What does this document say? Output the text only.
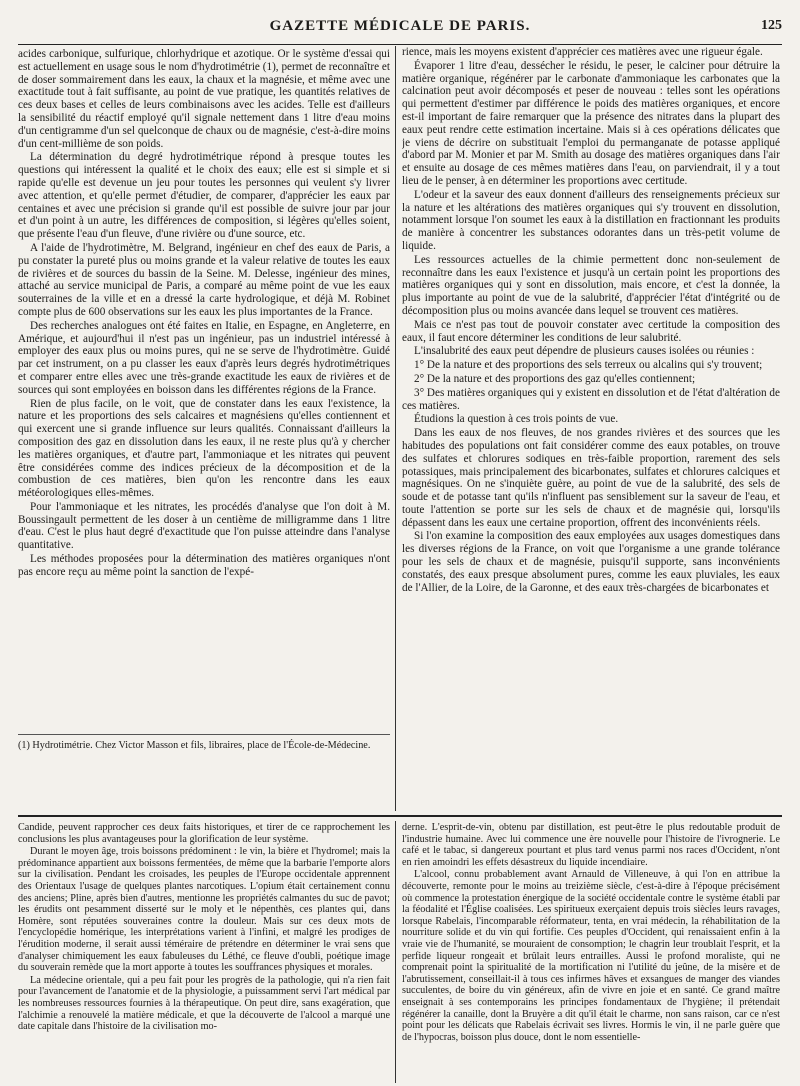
GAZETTE MÉDICALE DE PARIS.	125

acides carbonique, sulfurique, chlorhydrique et azotique. Or le système d'essai qui est actuellement en usage sous le nom d'hydrotimétrie (1), permet de reconnaître et de doser sommairement dans les eaux, la chaux et la magnésie, et même avec une exactitude tout à fait suffisante, au point de vue pratique, les quantités relatives de ces deux bases et celles de leurs combinaisons avec les acides. Telle est d'ailleurs la sensibilité du réactif employé qu'il signale nettement dans 1 litre d'eau moins d'un centigramme d'un sel quelconque de chaux ou de magnésie, c'est-à-dire moins d'un cent-millième de son poids.

La détermination du degré hydrotimétrique répond à presque toutes les questions qui intéressent la qualité et le choix des eaux; elle est si simple et si rapide qu'elle est devenue un jeu pour toutes les personnes qui veulent s'y livrer avec attention, et qu'elle permet d'étudier, de comparer, d'apprécier les eaux par centaines et avec une précision si grande qu'il est possible de suivre jour par jour et d'un point à un autre, les différences de composition, si légères qu'elles soient, que présente l'eau d'un fleuve, d'une rivière ou d'une source, etc.

A l'aide de l'hydrotimètre, M. Belgrand, ingénieur en chef des eaux de Paris, a pu constater la pureté plus ou moins grande et la valeur relative de toutes les eaux de rivières et de sources du bassin de la Seine. M. Delesse, ingénieur des mines, attaché au service municipal de Paris, a comparé au même point de vue les eaux souterraines de la ville et en a dressé la carte hydrologique, et déjà M. Robinet compte plus de 600 observations sur les eaux les plus importantes de la France.

Des recherches analogues ont été faites en Italie, en Espagne, en Angleterre, en Amérique, et aujourd'hui il n'est pas un ingénieur, pas un industriel intéressé à employer des eaux plus ou moins pures, qui ne se serve de l'hydrotimètre. Guidé par cet instrument, on a pu classer les eaux d'après leurs degrés hydrotimétriques et comparer entre elles avec une très-grande exactitude les eaux de rivières et de sources qui sont employées en boisson dans les différentes régions de la France.

Rien de plus facile, on le voit, que de constater dans les eaux l'existence, la nature et les proportions des sels calcaires et magnésiens qu'elles contiennent et qui exercent une si grande influence sur leurs qualités. Connaissant d'ailleurs la composition des gaz en dissolution dans les eaux, il ne reste plus qu'à y chercher les matières organiques, et d'autre part, l'ammoniaque et les nitrates qui peuvent être considérées comme des indices précieux de la décomposition et de la combustion de ces matières, bien qu'on les rencontre dans les eaux météorologiques elles-mêmes.

Pour l'ammoniaque et les nitrates, les procédés d'analyse que l'on doit à M. Boussingault permettent de les doser à un centième de milligramme dans 1 litre d'eau. C'est le plus haut degré d'exactitude que l'on puisse atteindre dans l'analyse quantitative.

Les méthodes proposées pour la détermination des matières organiques n'ont pas encore reçu au même point la sanction de l'expé-

rience, mais les moyens existent d'apprécier ces matières avec une rigueur égale.

Évaporer 1 litre d'eau, dessécher le résidu, le peser, le calciner pour détruire la matière organique, régénérer par le carbonate d'ammoniaque les carbonates que la calcination peut avoir décomposés et peser de nouveau : telles sont les opérations qui permettent d'estimer par différence le poids des matières organiques, et encore est-il important de faire remarquer que la présence des nitrates dans la plupart des eaux peut rendre cette estimation incertaine. Mais si à ces opérations délicates que je viens de décrire on substituait l'emploi du permanganate de potasse appliqué d'abord par M. Monier et par M. Smith au dosage des matières organiques dans l'air et ensuite au dosage de ces mêmes matières dans l'eau, on parviendrait, il y a tout lieu de le penser, à en déterminer les proportions avec certitude.

L'odeur et la saveur des eaux donnent d'ailleurs des renseignements précieux sur la nature et les altérations des matières organiques qui s'y trouvent en dissolution, notamment lorsque l'on soumet les eaux à la distillation en fractionnant les produits de manière à concentrer les substances odorantes dans un très-petit volume de liquide.

Les ressources actuelles de la chimie permettent donc non-seulement de reconnaître dans les eaux l'existence et jusqu'à un certain point les proportions des matières organiques qui y sont en dissolution, mais encore, et c'est la donnée, la plus importante au point de vue de la salubrité, d'apprécier l'état d'intégrité ou de décomposition plus ou moins avancée dans lequel se trouvent ces matières.

Mais ce n'est pas tout de pouvoir constater avec certitude la composition des eaux, il faut encore déterminer les conditions de leur salubrité.

L'insalubrité des eaux peut dépendre de plusieurs causes isolées ou réunies :

1° De la nature et des proportions des sels terreux ou alcalins qui s'y trouvent;

2° De la nature et des proportions des gaz qu'elles contiennent;

3° Des matières organiques qui y existent en dissolution et de l'état d'altération de ces matières.

Étudions la question à ces trois points de vue.

Dans les eaux de nos fleuves, de nos grandes rivières et des sources que les habitudes des populations ont fait considérer comme des eaux potables, on trouve des sulfates et chlorures sodiques en très-faible proportion, rarement des sels potassiques, mais principalement des bicarbonates, sulfates et chlorures calciques et magnésiques. On ne s'inquiète guère, au point de vue de la salubrité, des sels de soude et de potasse tant qu'ils n'influent pas sensiblement sur la saveur de l'eau, et toute l'attention se porte sur les sels de chaux et de magnésie qui, lorsqu'ils dépassent dans les eaux une certaine proportion, offrent des inconvénients réels.

Si l'on examine la composition des eaux employées aux usages domestiques dans les diverses régions de la France, on voit que l'organisme a une grande tolérance pour les sels de chaux et de magnésie, puisqu'il supporte, sans inconvénients constatés, des eaux presque absolument pures, comme les eaux pluviales, les eaux de l'Allier, de la Loire, de la Garonne, et des eaux très-chargées de bicarbonates et

(1) Hydrotimétrie. Chez Victor Masson et fils, libraires, place de l'École-de-Médecine.

Candide, peuvent rapprocher ces deux faits historiques, et tirer de ce rapprochement les conclusions les plus avantageuses pour la glorification de leur système.

Durant le moyen âge, trois boissons prédominent : le vin, la bière et l'hydromel; mais la prédominance appartient aux boissons fermentées, de même que la barbarie l'emporte alors sur la civilisation. Pendant les croisades, les peuples de l'Europe occidentale apprennent des Orientaux l'usage de quelques plantes narcotiques. L'opium était certainement connu des anciens; Pline, après bien d'autres, mentionne les propriétés calmantes du suc de pavot; les érudits ont pesamment disserté sur le moly et le népenthès, ces plantes qui, dans Homère, sont réputées souveraines contre la douleur. Mais sur ces deux mots de l'encyclopédie homérique, les interprétations varient à l'infini, et malgré les prodiges de l'érudition moderne, il serait aussi téméraire de prétendre en déterminer le vrai sens que d'analyser chimiquement les eaux fabuleuses du Léthé, ce fleuve d'oubli, poétique image du souverain remède que la mort apporte à toutes les souffrances physiques et morales.

La médecine orientale, qui a peu fait pour les progrès de la pathologie, qui n'a rien fait pour l'avancement de l'anatomie et de la physiologie, a puissamment servi l'art médical par les nombreuses ressources fournies à la thérapeutique. On peut dire, sans exagération, que l'alchimie a renouvelé la matière médicale, et que la découverte de l'alcool a marqué une date capitale dans l'histoire de la civilisation mo-

derne. L'esprit-de-vin, obtenu par distillation, est peut-être le plus redoutable produit de l'industrie humaine. Avec lui commence une ère nouvelle pour l'histoire de l'ivrognerie. Le café et le tabac, si dangereux pourtant et plus tard venus parmi nos races d'Occident, n'ont en rien amoindri les effets désastreux du liquide incendiaire.

L'alcool, connu probablement avant Arnauld de Villeneuve, à qui l'on en attribue la découverte, remonte pour le moins au treizième siècle, c'est-à-dire à l'époque précisément où commence la protestation énergique de la société occidentale contre le système établi par la féodalité et l'Église coalisées. Les spiritueux exerçaient depuis trois siècles leurs ravages, lorsque Rabelais, l'incomparable réformateur, tenta, en vrai médecin, la réhabilitation de la nourriture solide et du vin qui fortifie. Ces peuples d'Occident, qui renaissaient enfin à la vraie vie de l'humanité, se mouraient de consomption; le chagrin leur troublait l'esprit, et la perfide liqueur rongeait et brûlait leurs entrailles. Aussi le profond moraliste, qui ne comprenait point la spiritualité de la mortification ni l'utilité du jeûne, de la misère et de l'abrutissement, conseillait-il à tous ces infirmes hâves et exsangues de manger des viandes succulentes, de boire du vin généreux, afin de vivre en joie et en santé. Ce grand maître enseignait à ses contemporains les principes fondamentaux de l'hygiène; il prétendait régénérer la canaille, dont la Bruyère a dit qu'il était le charme, non sans raison, car ce n'est point pour les délicats que Rabelais écrivait ses livres. Hormis le vin, il ne parle guère que de l'hypocras, boisson plus douce, dont le nom essentielle-
